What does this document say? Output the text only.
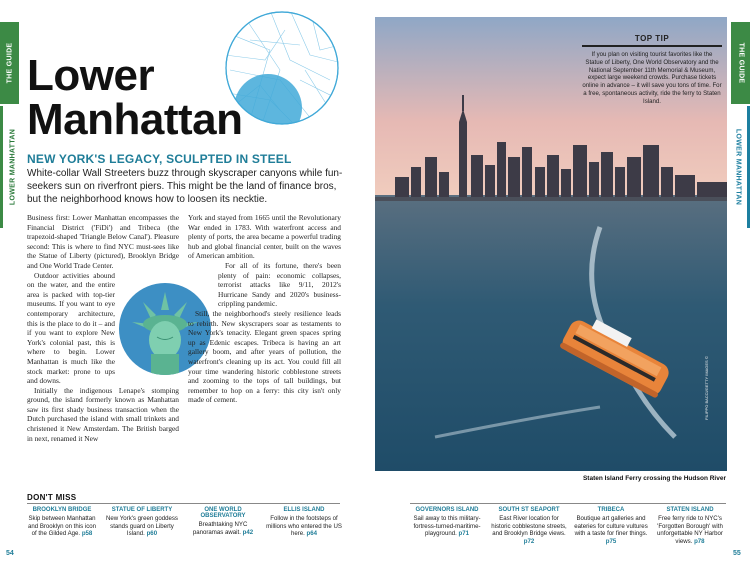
THE GUIDE
LOWER MANHATTAN
THE GUIDE
LOWER MANHATTAN
Lower
Manhattan
NEW YORK'S LEGACY, SCULPTED IN STEEL
White-collar Wall Streeters buzz through skyscraper canyons while fun-seekers sun on riverfront piers. This might be the land of finance bros, but the neighborhood knows how to loosen its necktie.

Business first: Lower Manhattan encompasses the Financial District ('FiDi') and Tribeca (the trapezoid-shaped 'Triangle Below Canal'). Pleasure second: This is where to find NYC must-sees like the Statue of Liberty (pictured), Brooklyn Bridge and One World Trade Center.

Outdoor activities abound on the water, and the entire area is packed with top-tier museums. If you want to eye contemporary architecture, this is the place to do it – and if you want to explore New York's colonial past, this is where to begin. Lower Manhattan is much like the stock market: prone to ups and downs.

Initially the indigenous Lenape's stomping ground, the island formerly known as Manhattan saw its first shady business transaction when the Dutch purchased the island with small trinkets and christened it New Amsterdam. The British barged in next, renamed it New

York and stayed from 1665 until the Revolutionary War ended in 1783. With waterfront access and plenty of ports, the area became a powerful trading hub and global financial center, built on the waves of American ambition.

For all of its fortune, there's been plenty of pain: economic collapses, terrorist attacks like 9/11, 2012's Hurricane Sandy and 2020's business-crippling pandemic.

Still, the neighborhood's steely resilience leads to rebirth. New skyscrapers soar as testaments to New York's tenacity. Elegant green spaces spring up as Edenic escapes. Tribeca is having an art gallery boom, and after years of pollution, the waterfront's cleaning up its act. You could fill all your time wandering historic cobblestone streets and zooming to the tops of tall buildings, but remember to hop on a ferry: this city isn't only made of cement.

TOP TIP
If you plan on visiting tourist favorites like the Statue of Liberty, One World Observatory and the National September 11th Memorial & Museum, expect large weekend crowds. Purchase tickets online in advance – it will save you tons of time. For a free, spontaneous activity, ride the ferry to Staten Island.
FILIPPO BACCI/GETTY IMAGES ©
Staten Island Ferry crossing the Hudson River
DON'T MISS
BROOKLYN BRIDGE
Skip between Manhattan and Brooklyn on this icon of the Gilded Age. p58
STATUE OF LIBERTY
New York's green goddess stands guard on Liberty Island. p60
ONE WORLD OBSERVATORY
Breathtaking NYC panoramas await. p42
ELLIS ISLAND
Follow in the footsteps of millions who entered the US here. p64
GOVERNORS ISLAND
Sail away to this military-fortress-turned-maritime-playground. p71
SOUTH ST SEAPORT
East River location for historic cobblestone streets, and Brooklyn Bridge views. p72
TRIBECA
Boutique art galleries and eateries for culture vultures with a taste for finer things. p75
STATEN ISLAND
Free ferry ride to NYC's 'Forgotten Borough' with unforgettable NY Harbor views. p78
54	55
